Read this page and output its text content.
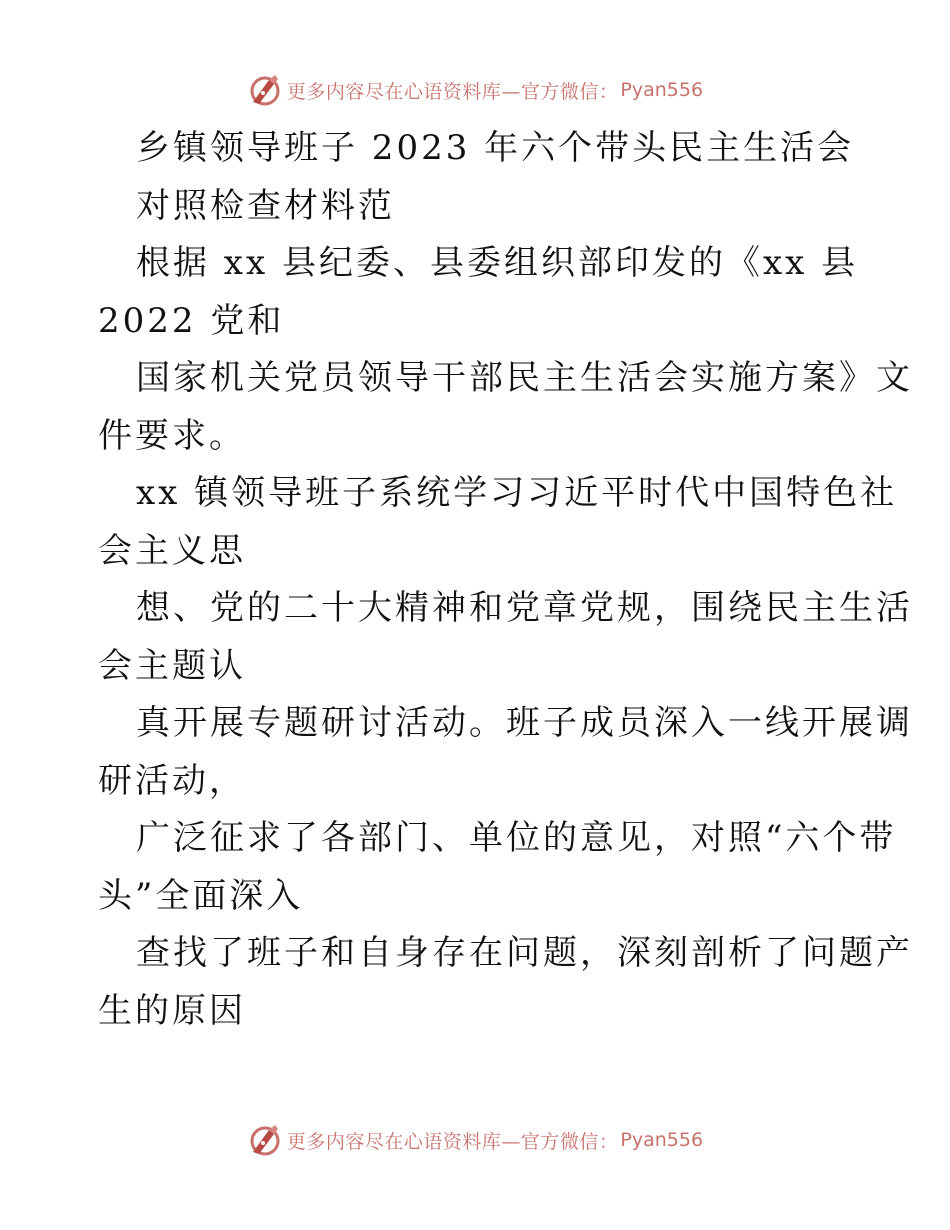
更多内容尽在心语资料库—官方微信： Pyan556
乡镇领导班子 2023 年六个带头民主生活会
对照检查材料范
根据 xx 县纪委、县委组织部印发的《xx 县
2022 党和
国家机关党员领导干部民主生活会实施方案》文
件要求。
xx 镇领导班子系统学习习近平时代中国特色社
会主义思
想、党的二十大精神和党章党规，围绕民主生活
会主题认
真开展专题研讨活动。班子成员深入一线开展调
研活动，
广泛征求了各部门、单位的意见，对照“六个带
头”全面深入
查找了班子和自身存在问题，深刻剖析了问题产
生的原因
更多内容尽在心语资料库—官方微信： Pyan556
